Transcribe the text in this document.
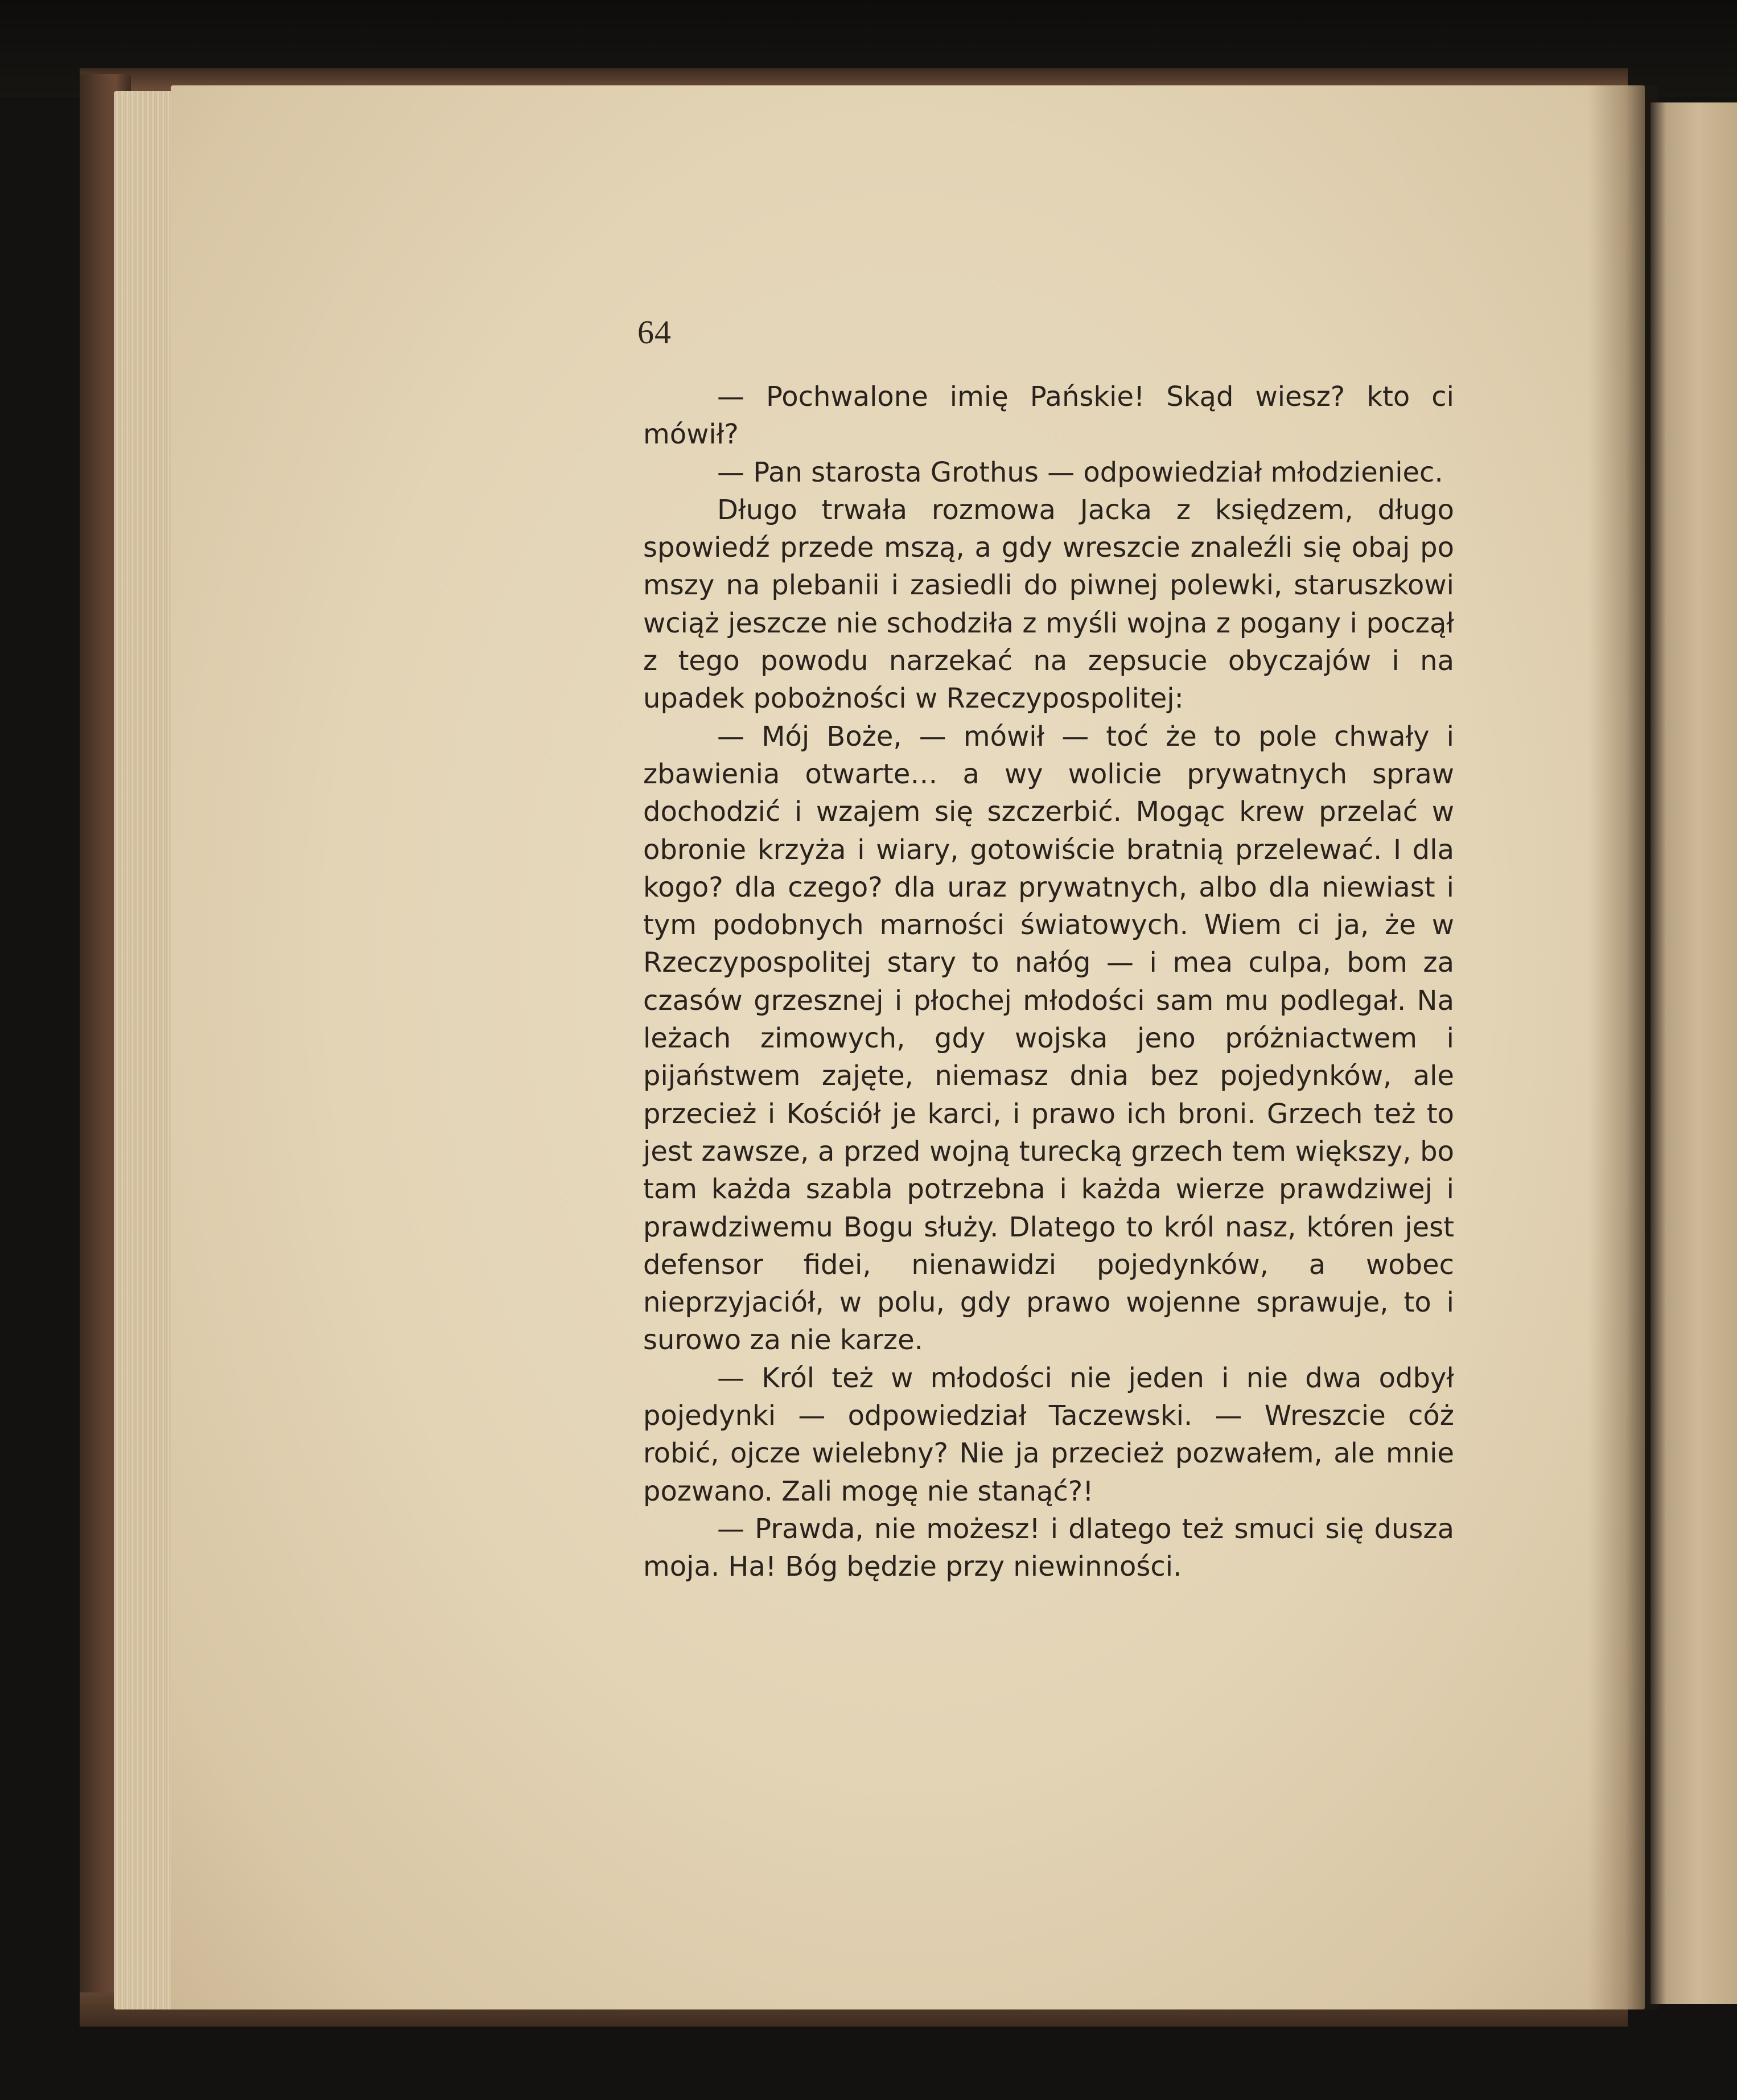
64

— Pochwalone imię Pańskie! Skąd wiesz? kto ci mówił?

— Pan starosta Grothus — odpowiedział młodzieniec.

Długo trwała rozmowa Jacka z księdzem, długo spowiedź przede mszą, a gdy wreszcie znaleźli się obaj po mszy na plebanii i zasiedli do piwnej polewki, staruszkowi wciąż jeszcze nie schodziła z myśli wojna z pogany i począł z tego powodu narzekać na zepsucie obyczajów i na upadek pobożności w Rzeczypospolitej:

— Mój Boże, — mówił — toć że to pole chwały i zbawienia otwarte… a wy wolicie prywatnych spraw dochodzić i wzajem się szczerbić. Mogąc krew przelać w obronie krzyża i wiary, gotowiście bratnią przelewać. I dla kogo? dla czego? dla uraz prywatnych, albo dla niewiast i tym podobnych marności światowych. Wiem ci ja, że w Rzeczypospolitej stary to nałóg — i mea culpa, bom za czasów grzesznej i płochej młodości sam mu podlegał. Na leżach zimowych, gdy wojska jeno próżniactwem i pijaństwem zajęte, niemasz dnia bez pojedynków, ale przecież i Kościół je karci, i prawo ich broni. Grzech też to jest zawsze, a przed wojną turecką grzech tem większy, bo tam każda szabla potrzebna i każda wierze prawdziwej i prawdziwemu Bogu służy. Dlatego to król nasz, któren jest defensor fidei, nienawidzi pojedynków, a wobec nieprzyjaciół, w polu, gdy prawo wojenne sprawuje, to i surowo za nie karze.

— Król też w młodości nie jeden i nie dwa odbył pojedynki — odpowiedział Taczewski. — Wreszcie cóż robić, ojcze wielebny? Nie ja przecież pozwałem, ale mnie pozwano. Zali mogę nie stanąć?!

— Prawda, nie możesz! i dlatego też smuci się dusza moja. Ha! Bóg będzie przy niewinności.
